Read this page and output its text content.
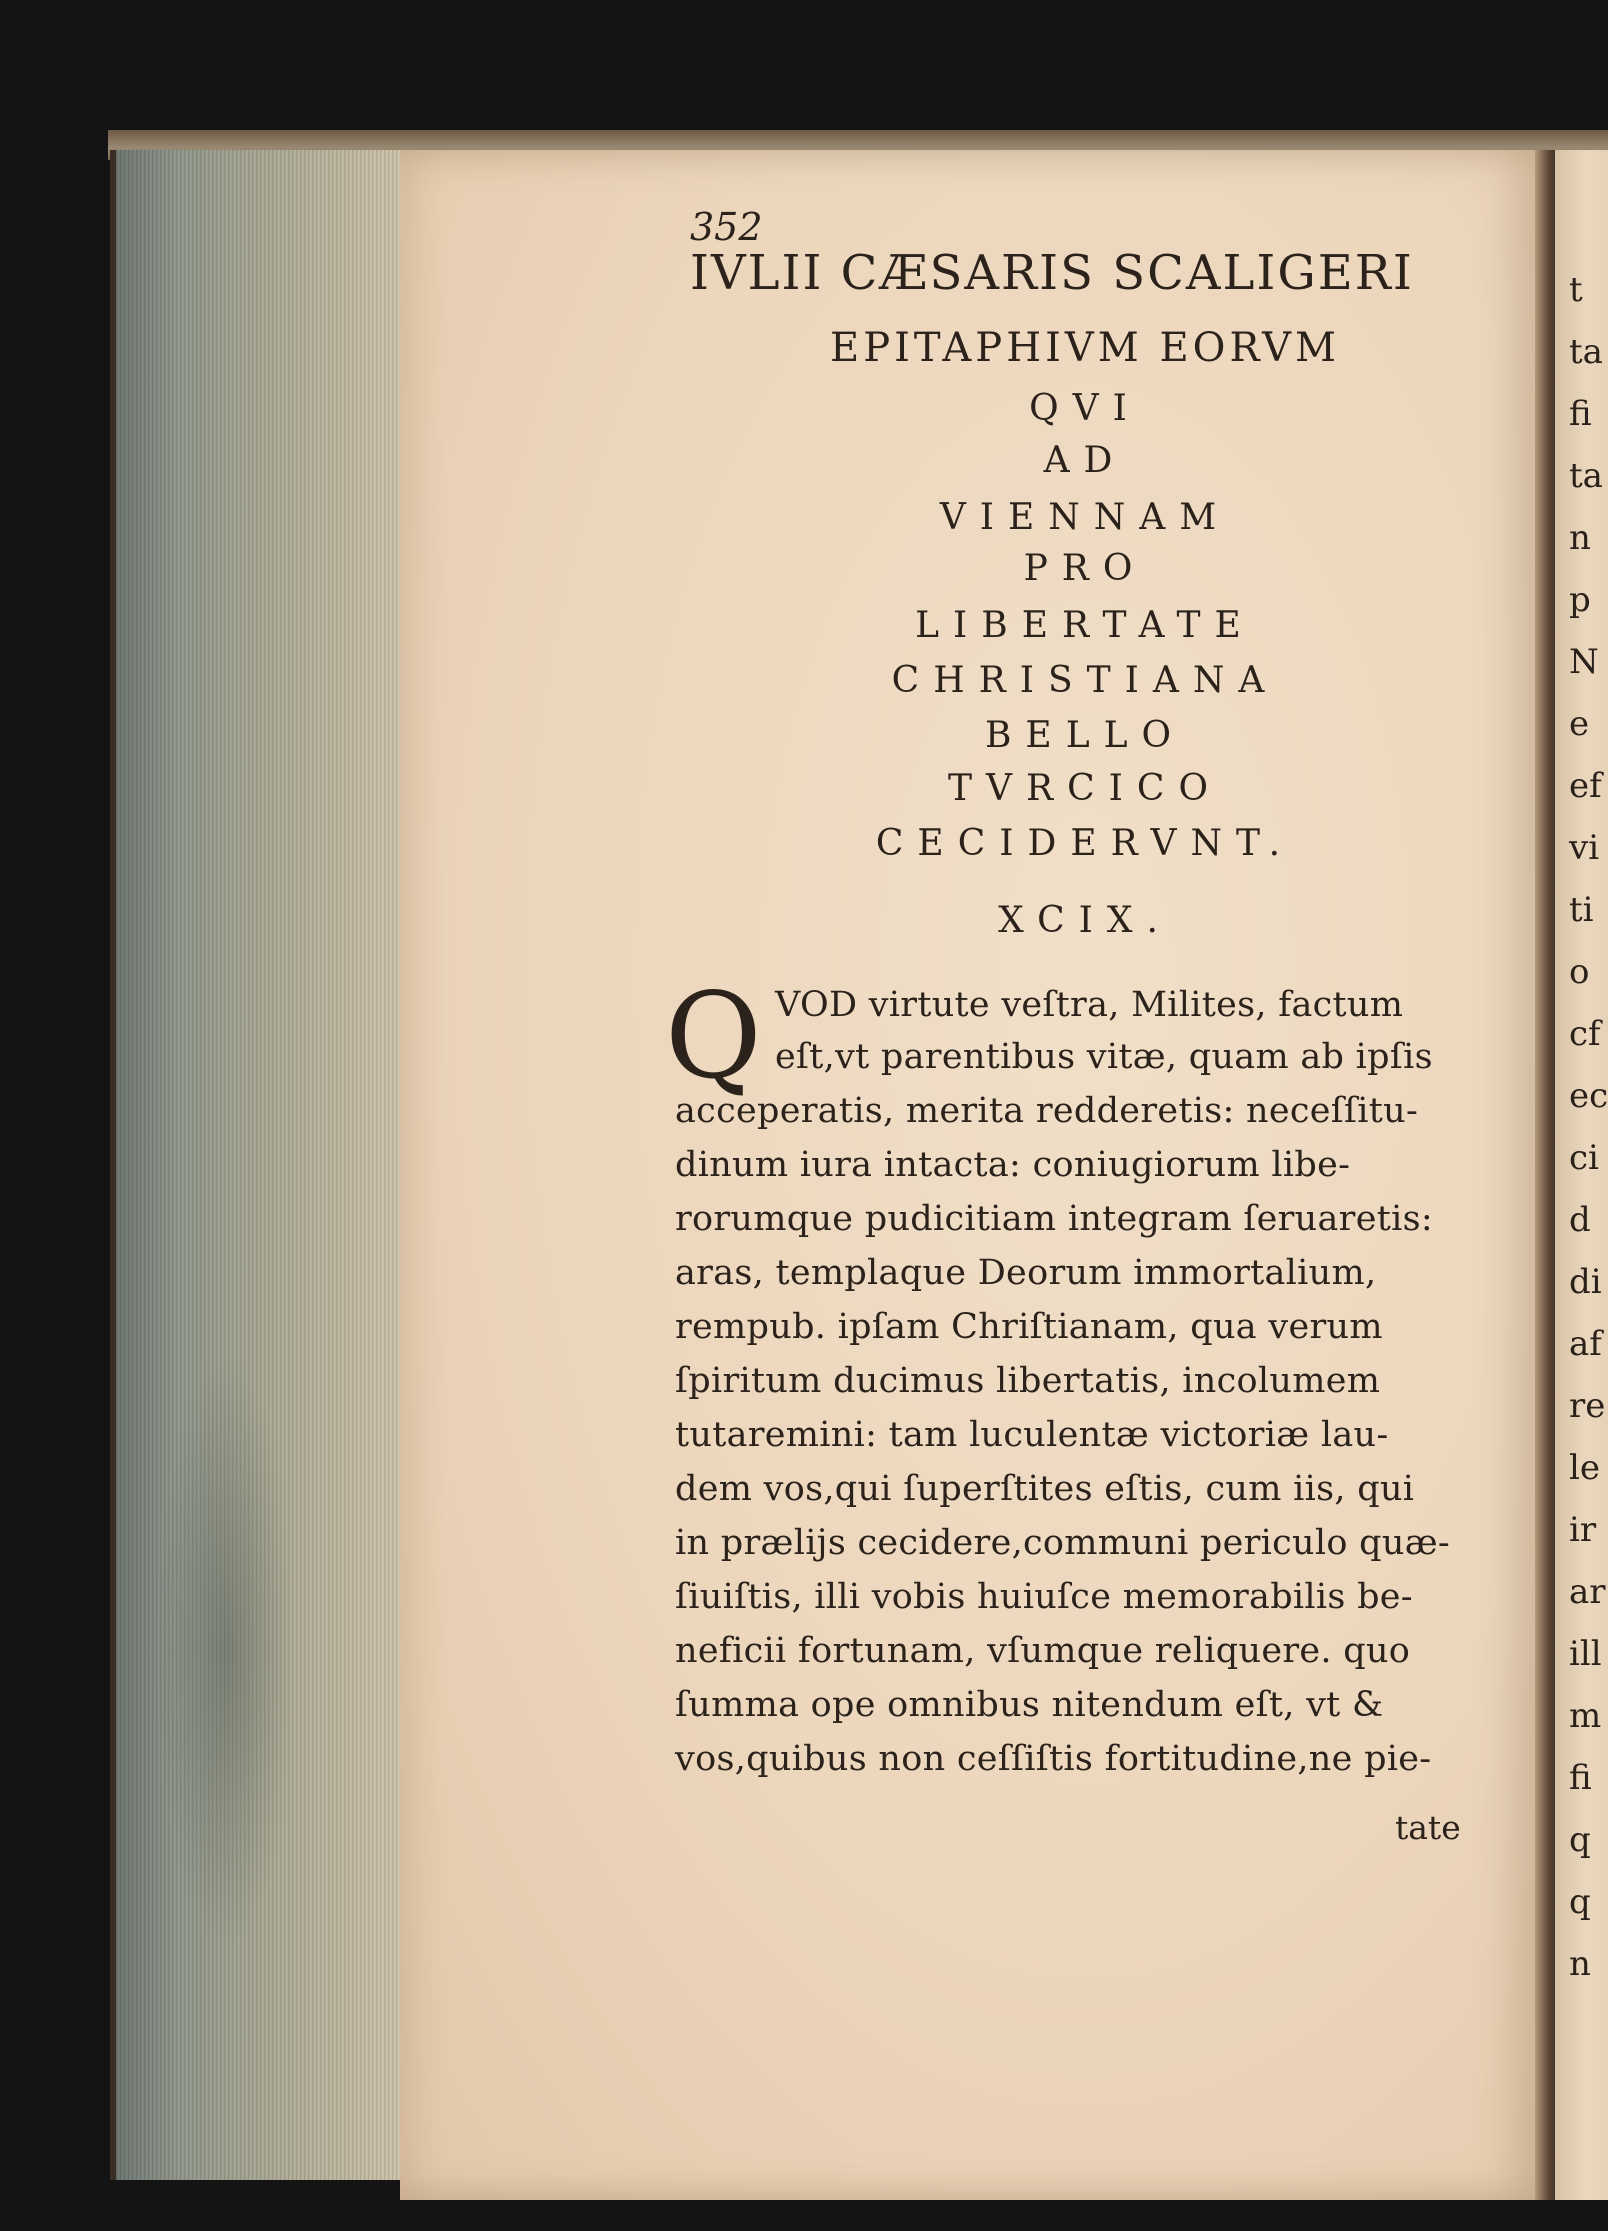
t
ta
fi
ta
n
p
N
e
ef
vi
ti
o
cf
ec
ci
d
di
af
re
le
ir
ar
ill
m
fi
q
q
n
352
IVLII CÆSARIS SCALIGERI
EPITAPHIVM EORVM
QVI
AD
VIENNAM
PRO
LIBERTATE
CHRISTIANA
BELLO
TVRCICO
CECIDERVNT.
XCIX.
Q VOD virtute veſtra, Milites, factum
eſt,vt parentibus vitæ, quam ab ipſis
acceperatis, merita redderetis: neceſſitu-
dinum iura intacta: coniugiorum libe-
rorumque pudicitiam integram ſeruaretis:
aras, templaque Deorum immortalium,
rempub. ipſam Chriſtianam, qua verum
ſpiritum ducimus libertatis, incolumem
tutaremini: tam luculentæ victoriæ lau-
dem vos,qui ſuperſtites eſtis, cum iis, qui
in prælijs cecidere,communi periculo quæ-
ſiuiſtis, illi vobis huiuſce memorabilis be-
neficii fortunam, vſumque reliquere. quo
ſumma ope omnibus nitendum eſt, vt &
vos,quibus non ceſſiſtis fortitudine,ne pie-
tate
